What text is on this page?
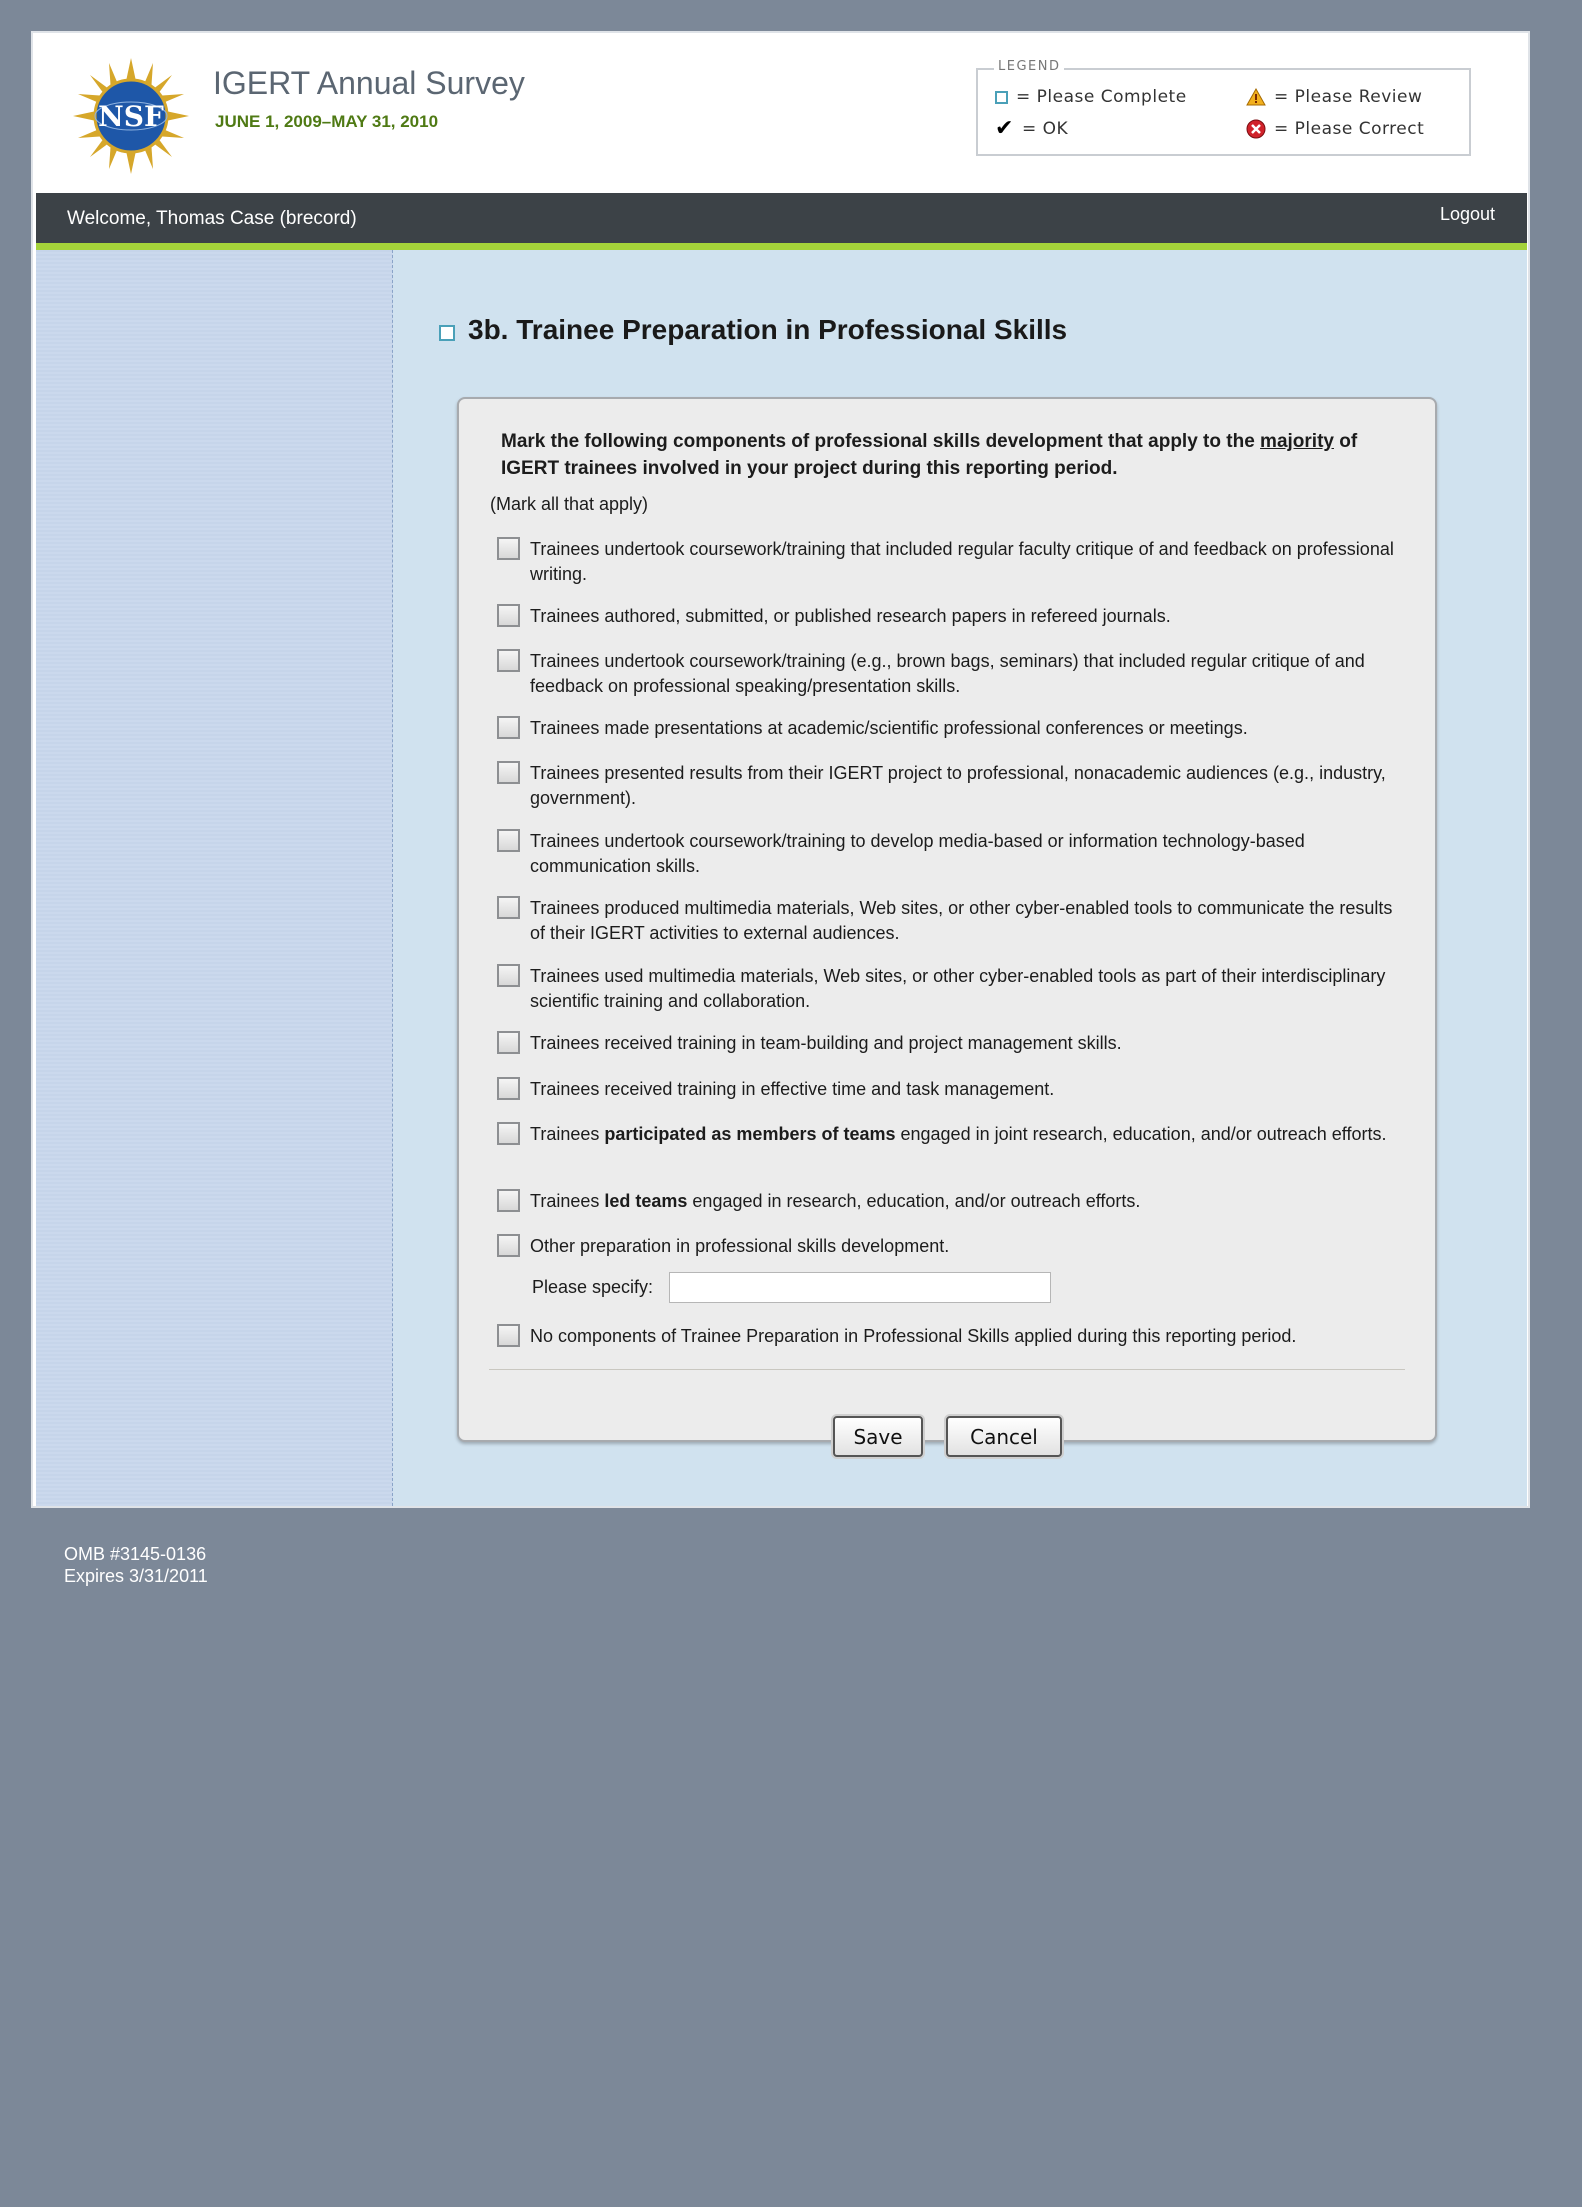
NSF
IGERT Annual Survey
JUNE 1, 2009–MAY 31, 2010
LEGEND
= Please Complete	= Please Review
✔ = OK	= Please Correct
Welcome, Thomas Case (brecord)	Logout
3b. Trainee Preparation in Professional Skills
Mark the following components of professional skills development that apply to the majority of IGERT trainees involved in your project during this reporting period.
(Mark all that apply)
Trainees undertook coursework/training that included regular faculty critique of and feedback on professional writing.
Trainees authored, submitted, or published research papers in refereed journals.
Trainees undertook coursework/training (e.g., brown bags, seminars) that included regular critique of and feedback on professional speaking/presentation skills.
Trainees made presentations at academic/scientific professional conferences or meetings.
Trainees presented results from their IGERT project to professional, nonacademic audiences (e.g., industry, government).
Trainees undertook coursework/training to develop media-based or information technology-based communication skills.
Trainees produced multimedia materials, Web sites, or other cyber-enabled tools to communicate the results of their IGERT activities to external audiences.
Trainees used multimedia materials, Web sites, or other cyber-enabled tools as part of their interdisciplinary scientific training and collaboration.
Trainees received training in team-building and project management skills.
Trainees received training in effective time and task management.
Trainees participated as members of teams engaged in joint research, education, and/or outreach efforts.
Trainees led teams engaged in research, education, and/or outreach efforts.
Other preparation in professional skills development.
Please specify:
No components of Trainee Preparation in Professional Skills applied during this reporting period.
Save	Cancel
OMB #3145-0136
Expires 3/31/2011
